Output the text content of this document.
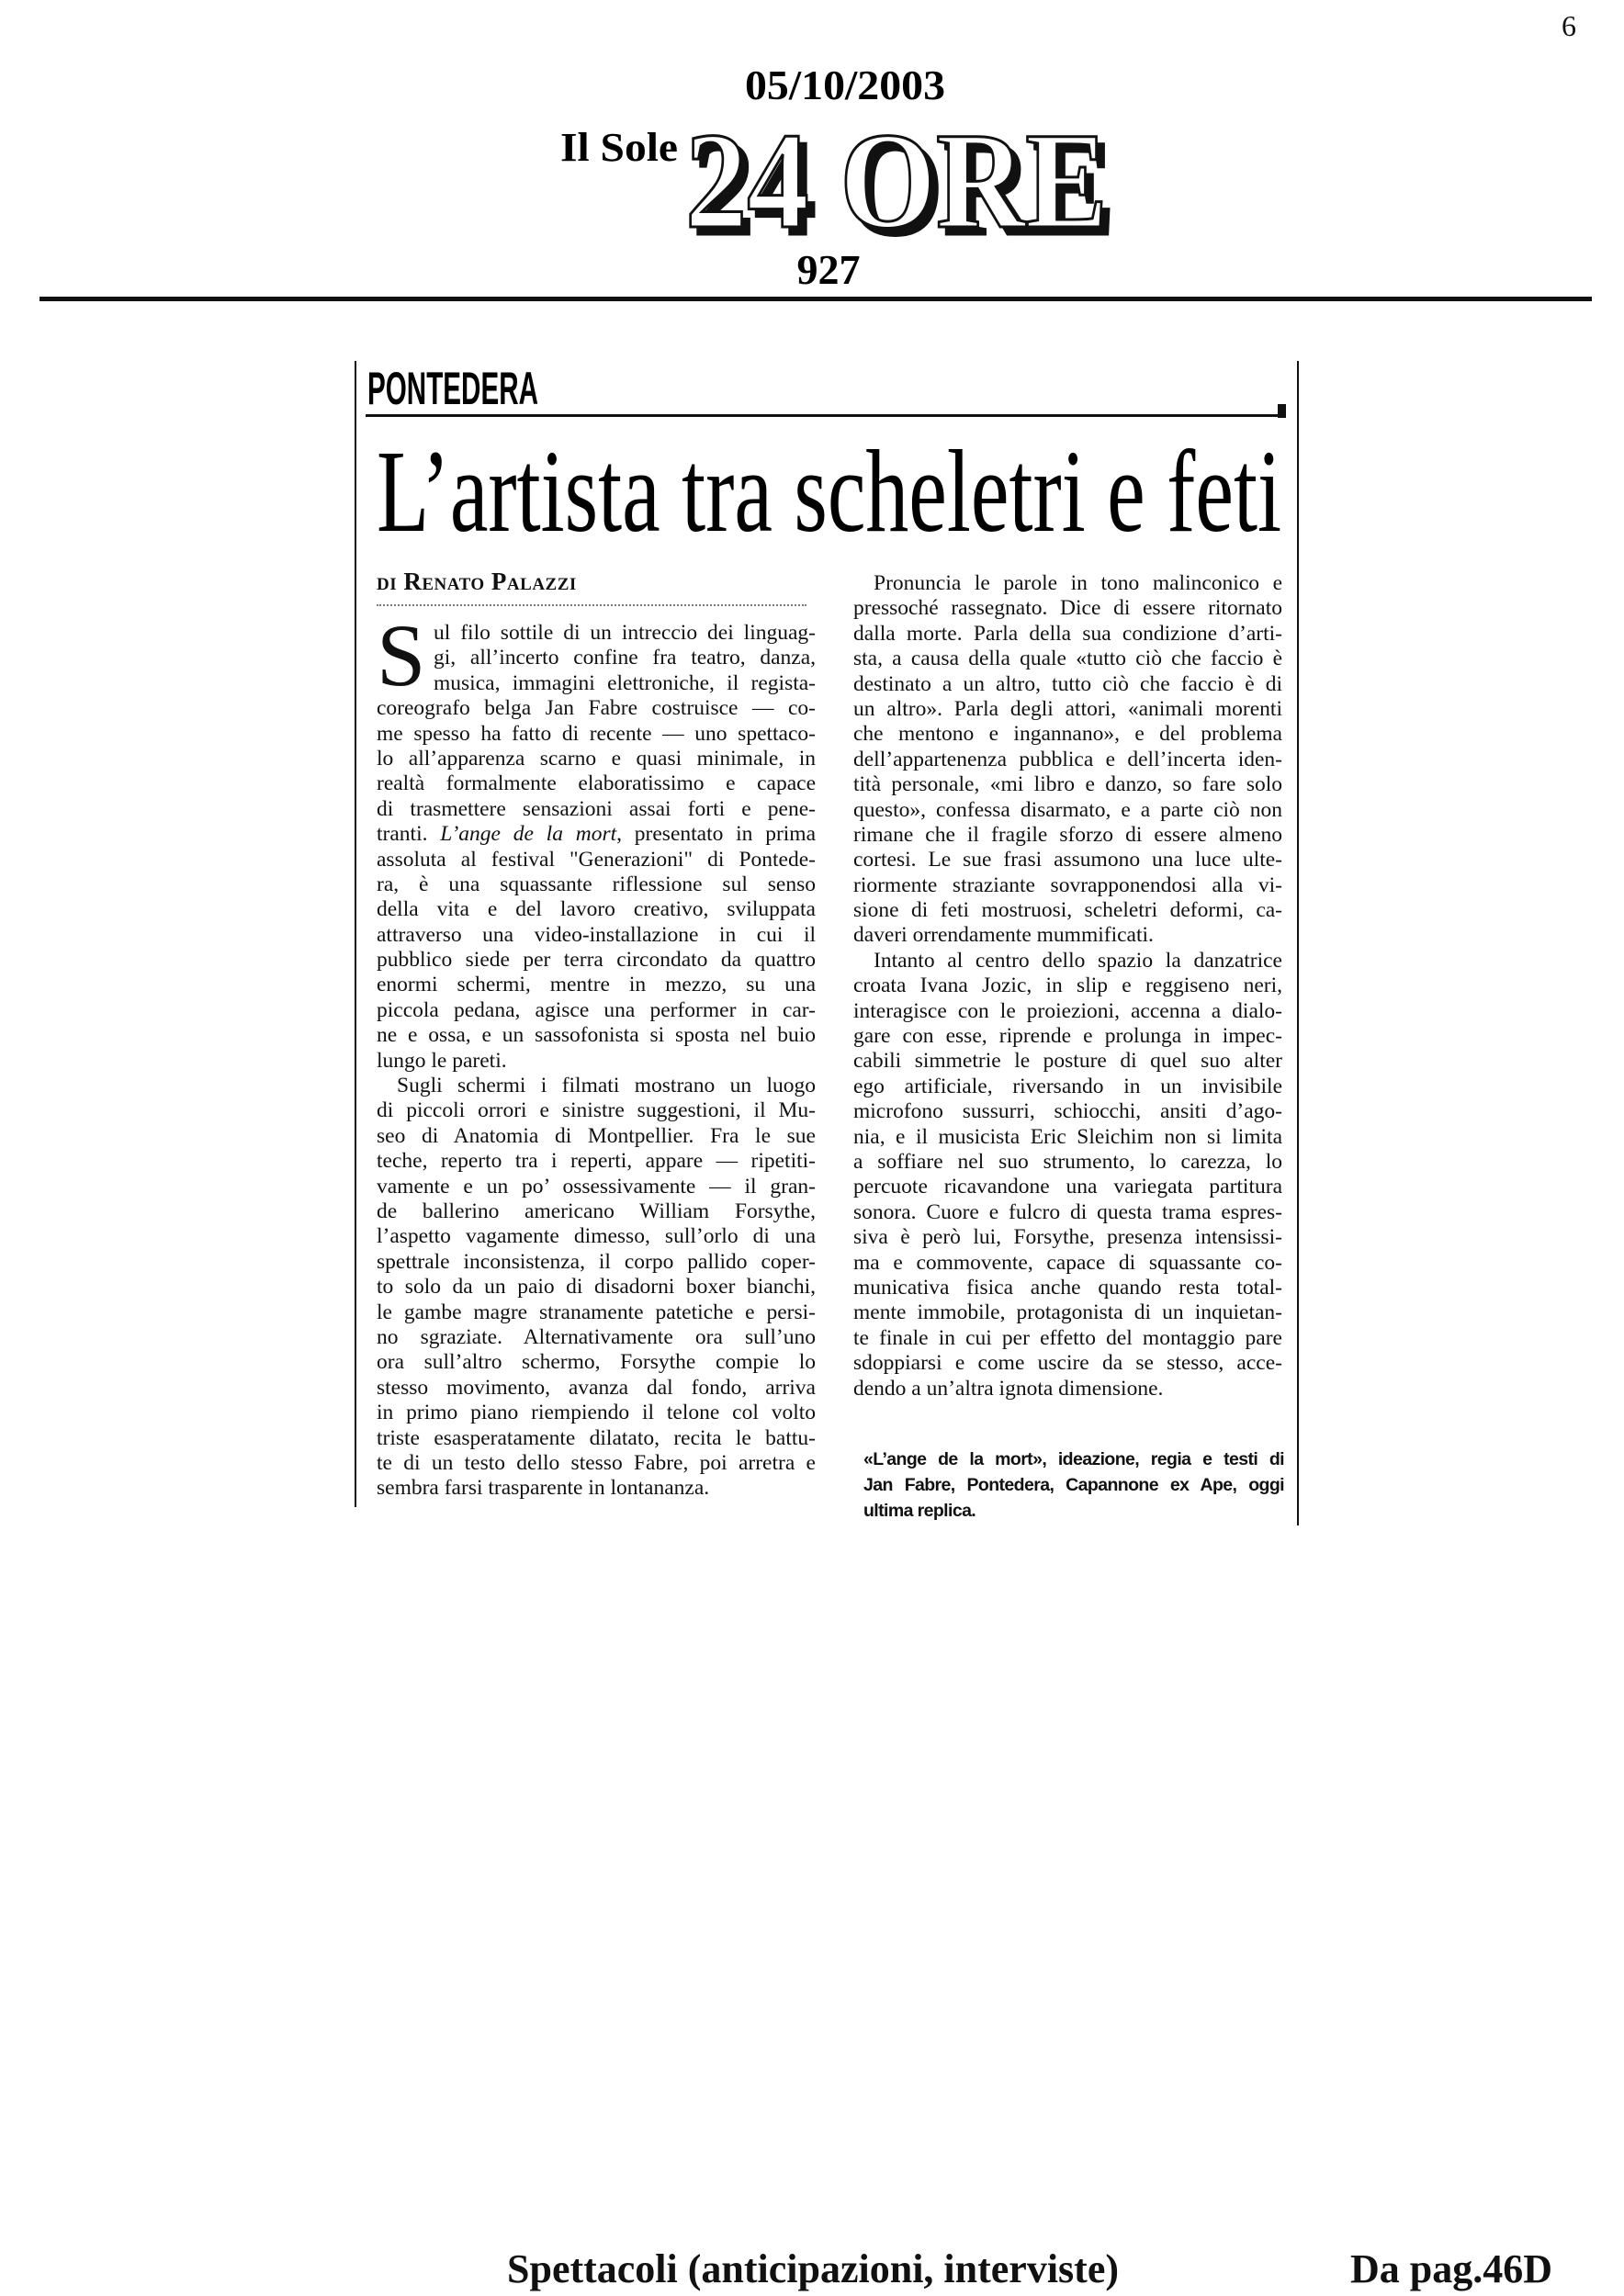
6
05/10/2003
Il Sole 24 ORE
927
PONTEDERA
L’artista tra scheletri e feti
di Renato Palazzi
S ul filo sottile di un intreccio dei linguag-
gi, all’incerto confine fra teatro, danza,
musica, immagini elettroniche, il regista-
coreografo belga Jan Fabre costruisce — co-
me spesso ha fatto di recente — uno spettaco-
lo all’apparenza scarno e quasi minimale, in
realtà formalmente elaboratissimo e capace
di trasmettere sensazioni assai forti e pene-
tranti. L’ange de la mort, presentato in prima
assoluta al festival "Generazioni" di Pontede-
ra, è una squassante riflessione sul senso
della vita e del lavoro creativo, sviluppata
attraverso una video-installazione in cui il
pubblico siede per terra circondato da quattro
enormi schermi, mentre in mezzo, su una
piccola pedana, agisce una performer in car-
ne e ossa, e un sassofonista si sposta nel buio
lungo le pareti.
Sugli schermi i filmati mostrano un luogo
di piccoli orrori e sinistre suggestioni, il Mu-
seo di Anatomia di Montpellier. Fra le sue
teche, reperto tra i reperti, appare — ripetiti-
vamente e un po’ ossessivamente — il gran-
de ballerino americano William Forsythe,
l’aspetto vagamente dimesso, sull’orlo di una
spettrale inconsistenza, il corpo pallido coper-
to solo da un paio di disadorni boxer bianchi,
le gambe magre stranamente patetiche e persi-
no sgraziate. Alternativamente ora sull’uno
ora sull’altro schermo, Forsythe compie lo
stesso movimento, avanza dal fondo, arriva
in primo piano riempiendo il telone col volto
triste esasperatamente dilatato, recita le battu-
te di un testo dello stesso Fabre, poi arretra e
sembra farsi trasparente in lontananza.
Pronuncia le parole in tono malinconico e
pressoché rassegnato. Dice di essere ritornato
dalla morte. Parla della sua condizione d’arti-
sta, a causa della quale «tutto ciò che faccio è
destinato a un altro, tutto ciò che faccio è di
un altro». Parla degli attori, «animali morenti
che mentono e ingannano», e del problema
dell’appartenenza pubblica e dell’incerta iden-
tità personale, «mi libro e danzo, so fare solo
questo», confessa disarmato, e a parte ciò non
rimane che il fragile sforzo di essere almeno
cortesi. Le sue frasi assumono una luce ulte-
riormente straziante sovrapponendosi alla vi-
sione di feti mostruosi, scheletri deformi, ca-
daveri orrendamente mummificati.
Intanto al centro dello spazio la danzatrice
croata Ivana Jozic, in slip e reggiseno neri,
interagisce con le proiezioni, accenna a dialo-
gare con esse, riprende e prolunga in impec-
cabili simmetrie le posture di quel suo alter
ego artificiale, riversando in un invisibile
microfono sussurri, schiocchi, ansiti d’ago-
nia, e il musicista Eric Sleichim non si limita
a soffiare nel suo strumento, lo carezza, lo
percuote ricavandone una variegata partitura
sonora. Cuore e fulcro di questa trama espres-
siva è però lui, Forsythe, presenza intensissi-
ma e commovente, capace di squassante co-
municativa fisica anche quando resta total-
mente immobile, protagonista di un inquietan-
te finale in cui per effetto del montaggio pare
sdoppiarsi e come uscire da se stesso, acce-
dendo a un’altra ignota dimensione.
«L’ange de la mort», ideazione, regia e testi di
Jan Fabre, Pontedera, Capannone ex Ape, oggi
ultima replica.
Spettacoli (anticipazioni, interviste)	Da pag.46D
